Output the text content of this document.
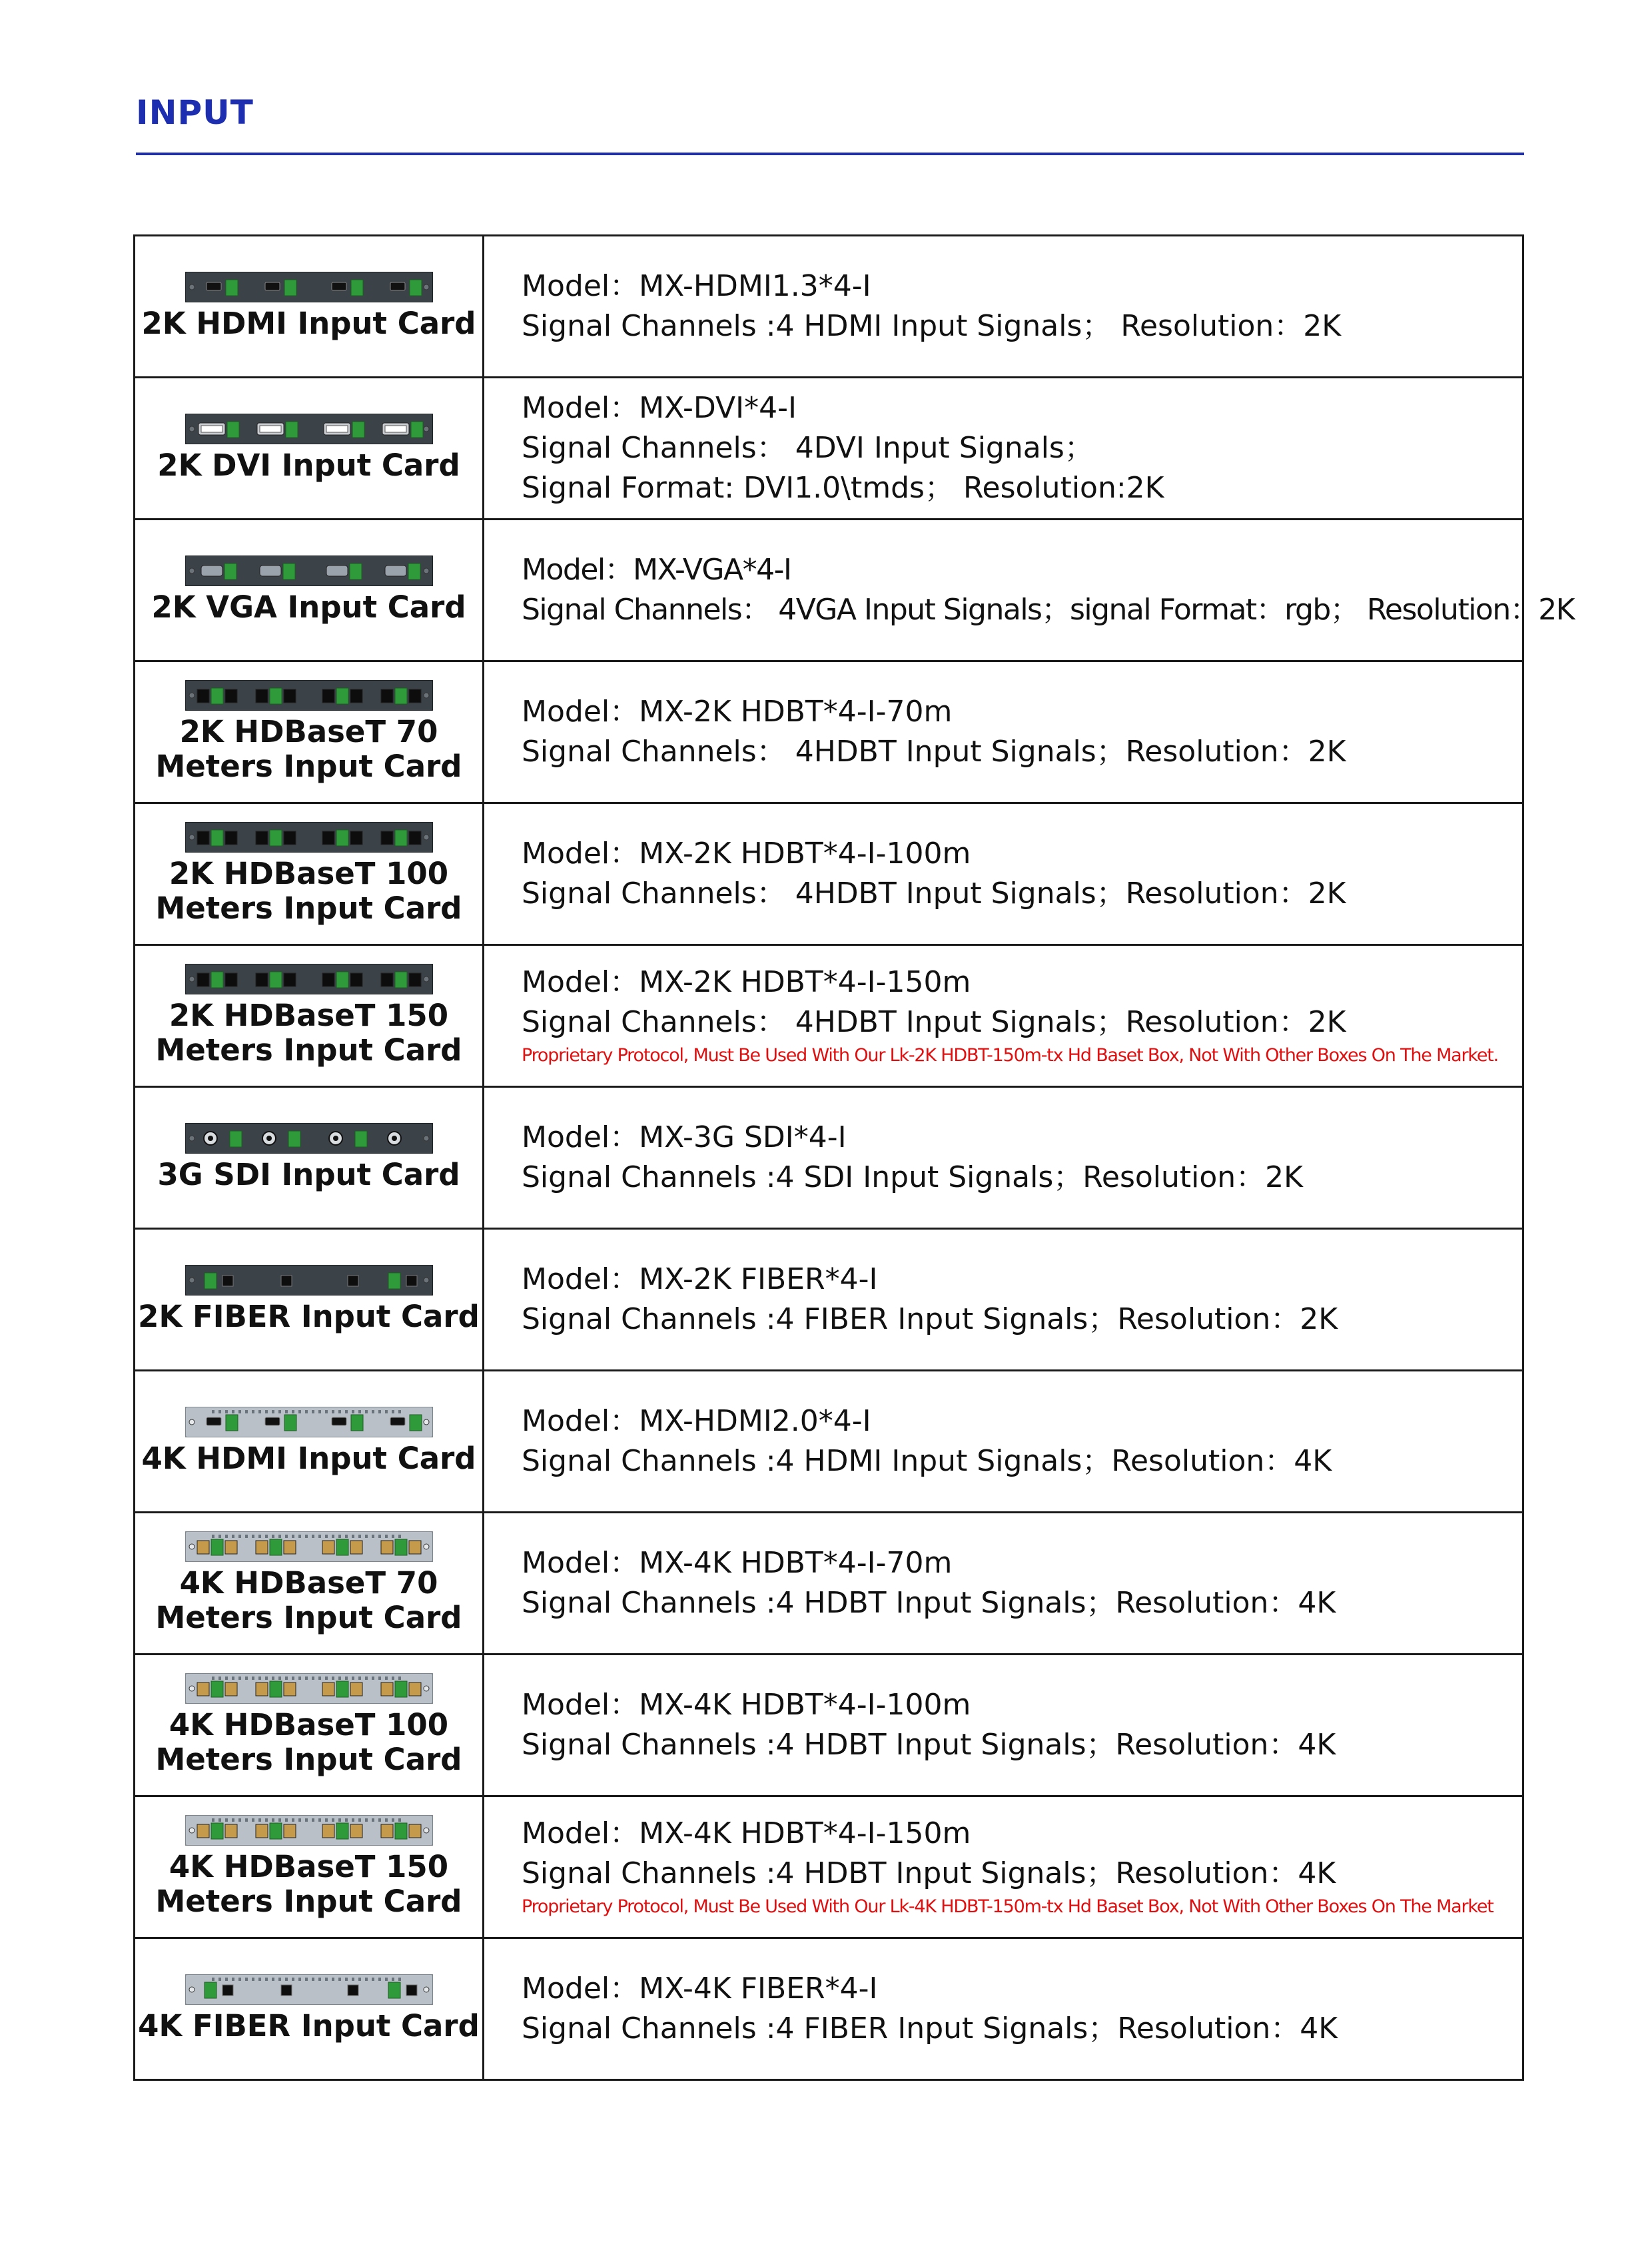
INPUT
2K HDMI Input Card	Model：MX-HDMI1.3*4-I
Signal Channels :4 HDMI Input Signals； Resolution：2K

2K DVI Input Card	Model：MX-DVI*4-I
Signal Channels： 4DVI Input Signals；
Signal Format: DVI1.0\tmds； Resolution:2K

2K VGA Input Card	Model：MX-VGA*4-I
Signal Channels： 4VGA Input Signals；signal Format：rgb； Resolution：2K

2K HDBaseT 70 Meters Input Card	Model：MX-2K HDBT*4-I-70m
Signal Channels： 4HDBT Input Signals；Resolution：2K

2K HDBaseT 100 Meters Input Card	Model：MX-2K HDBT*4-I-100m
Signal Channels： 4HDBT Input Signals；Resolution：2K

2K HDBaseT 150 Meters Input Card	Model：MX-2K HDBT*4-I-150m
Signal Channels： 4HDBT Input Signals；Resolution：2K
Proprietary Protocol, Must Be Used With Our Lk-2K HDBT-150m-tx Hd Baset Box, Not With Other Boxes On The Market.

3G SDI Input Card	Model：MX-3G SDI*4-I
Signal Channels :4 SDI Input Signals；Resolution：2K

2K FIBER Input Card	Model：MX-2K FIBER*4-I
Signal Channels :4 FIBER Input Signals；Resolution：2K

4K HDMI Input Card	Model：MX-HDMI2.0*4-I
Signal Channels :4 HDMI Input Signals；Resolution：4K

4K HDBaseT 70 Meters Input Card	Model：MX-4K HDBT*4-I-70m
Signal Channels :4 HDBT Input Signals；Resolution：4K

4K HDBaseT 100 Meters Input Card	Model：MX-4K HDBT*4-I-100m
Signal Channels :4 HDBT Input Signals；Resolution：4K

4K HDBaseT 150 Meters Input Card	Model：MX-4K HDBT*4-I-150m
Signal Channels :4 HDBT Input Signals；Resolution：4K
Proprietary Protocol, Must Be Used With Our Lk-4K HDBT-150m-tx Hd Baset Box, Not With Other Boxes On The Market

4K FIBER Input Card	Model：MX-4K FIBER*4-I
Signal Channels :4 FIBER Input Signals；Resolution：4K
